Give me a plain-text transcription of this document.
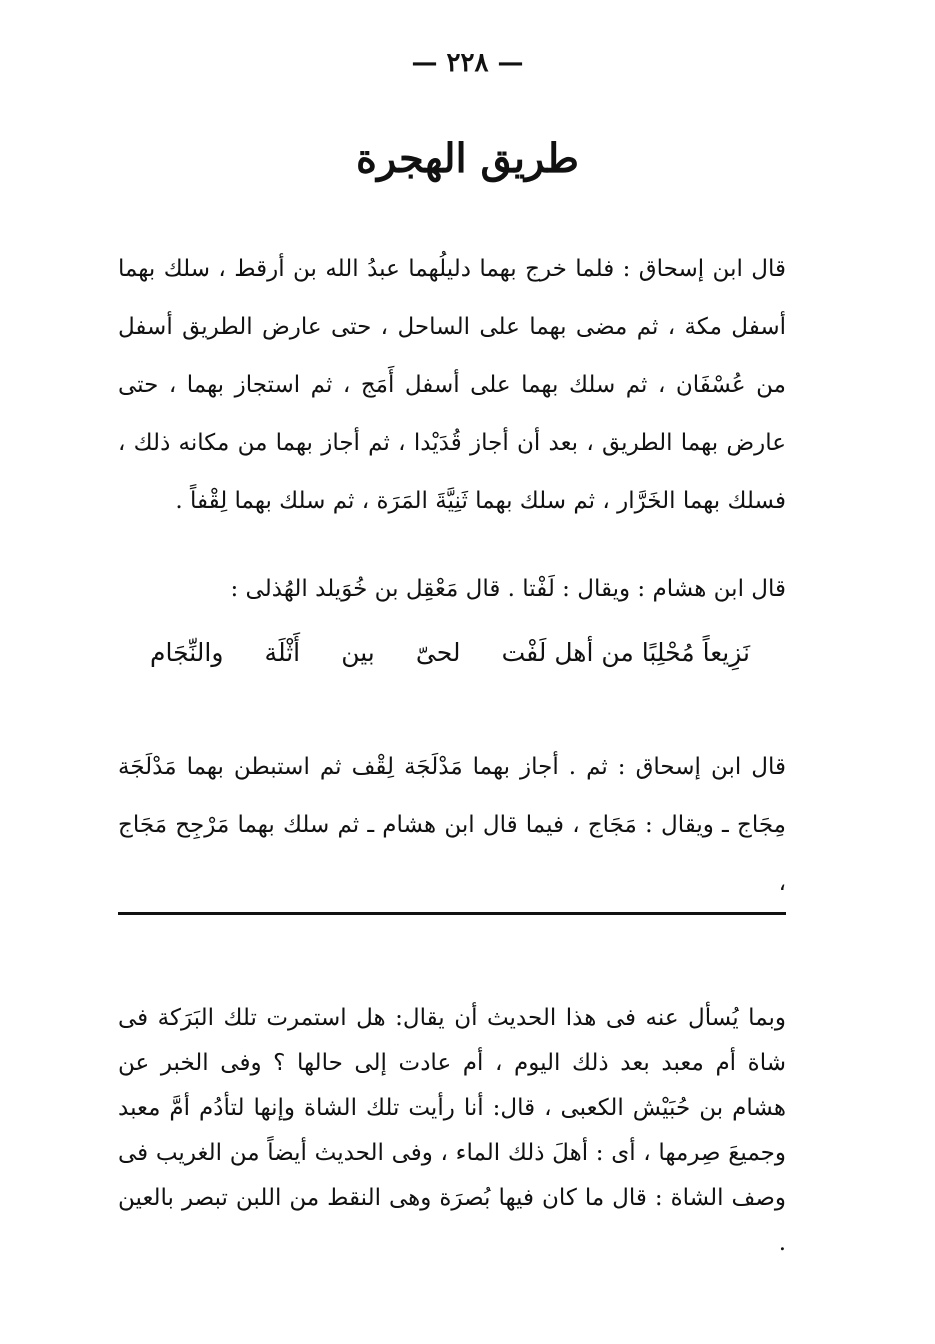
— ٢٢٨ —
طريق الهجرة

قال ابن إسحاق : فلما خرج بهما دليلُهما عبدُ الله بن أرقط ، سلك بهما أسفل مكة ، ثم مضى بهما على الساحل ، حتى عارض الطريق أسفل من عُسْفَان ، ثم سلك بهما على أسفل أَمَج ، ثم استجاز بهما ، حتى عارض بهما الطريق ، بعد أن أجاز قُدَيْدا ، ثم أجاز بهما من مكانه ذلك ، فسلك بهما الخَرَّار ، ثم سلك بهما ثَنِيَّةَ المَرَة ، ثم سلك بهما لِقْفاً .

قال ابن هشام : ويقال : لَفْتا . قال مَعْقِل بن خُوَيلد الهُذلى :

نَزِيعاً مُحْلِبًا من أهل لَفْت
لحىّ
بين
أَثْلَة
والنِّجَام

قال ابن إسحاق : ثم . أجاز بهما مَدْلَجَة لِقْف ثم استبطن بهما مَدْلَجَة مِجَاج ـ ويقال : مَجَاج ، فيما قال ابن هشام ـ ثم سلك بهما مَرْجِح مَجَاج ،

وبما يُسأل عنه فى هذا الحديث أن يقال: هل استمرت تلك البَرَكة فى شاة أم معبد بعد ذلك اليوم ، أم عادت إلى حالها ؟ وفى الخبر عن هشام بن حُبَيْش الكعبى ، قال: أنا رأيت تلك الشاة وإنها لتأدُم أمَّ معبد وجميعَ صِرمها ، أى : أهلَ ذلك الماء ، وفى الحديث أيضاً من الغريب فى وصف الشاة : قال ما كان فيها بُصرَة وهى النقط من اللبن تبصر بالعين .
